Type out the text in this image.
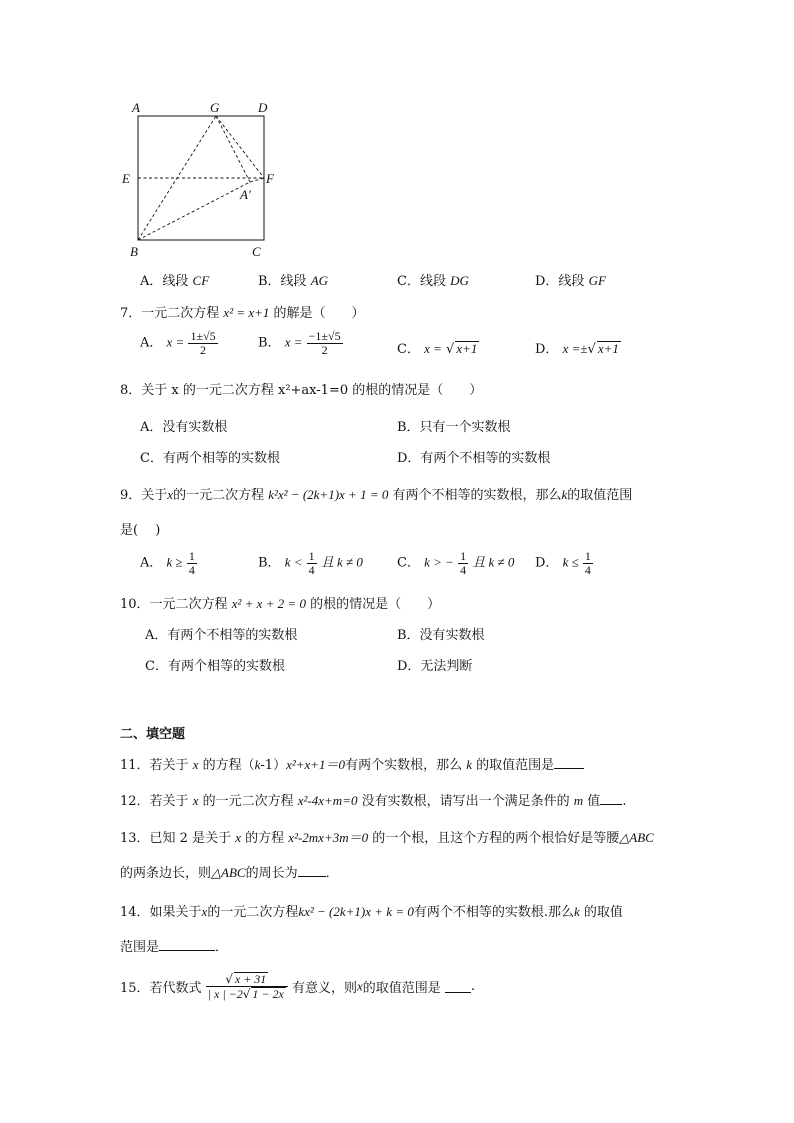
A	G	D
E	F
A′
B	C
A．线段 CF	B．线段 AG	C．线段 DG	D．线段 GF
7．一元二次方程 x² = x+1 的解是（　　）
A． $x = \frac{1\pm√5}{2}$	B． $x = \frac{-1\pm√5}{2}$	C． x = √ x+1	D． x =±√ x+1
8．关于 x 的一元二次方程 x²+ax-1=0 的根的情况是（　　）
A．没有实数根	B．只有一个实数根
C．有两个相等的实数根	D．有两个不相等的实数根
9．关于x的一元二次方程 k²x² − (2k+1)x + 1 = 0 有两个不相等的实数根，那么k的取值范围
是(　 )
A． $k \ge \frac{1}{4}$	B． $k < \frac{1}{4}$ 且 k ≠ 0	C． k > − $\frac{1}{4}$ 且 k ≠ 0 D． $k \le \frac{1}{4}$
10．一元二次方程 x² + x + 2 = 0 的根的情况是（　　）
A．有两个不相等的实数根	B．没有实数根
C．有两个相等的实数根	D．无法判断
二、填空题
11．若关于 x 的方程（k-1）x²+x+1＝0有两个实数根，那么 k 的取值范围是
12．若关于 x 的一元二次方程 x²-4x+m=0 没有实数根，请写出一个满足条件的 m 值 .
13．已知 2 是关于 x 的方程 x²-2mx+3m＝0 的一个根，且这个方程的两个根恰好是等腰△ABC
的两条边长，则△ABC的周长为 ．
14．如果关于x的一元二次方程kx² − (2k+1)x + k = 0有两个不相等的实数根.那么k 的取值
范围是	．
15．若代数式 $\frac{√ x + 31}{| x | -2√ 1 - 2x}$ 有意义，则x的取值范围是 .
